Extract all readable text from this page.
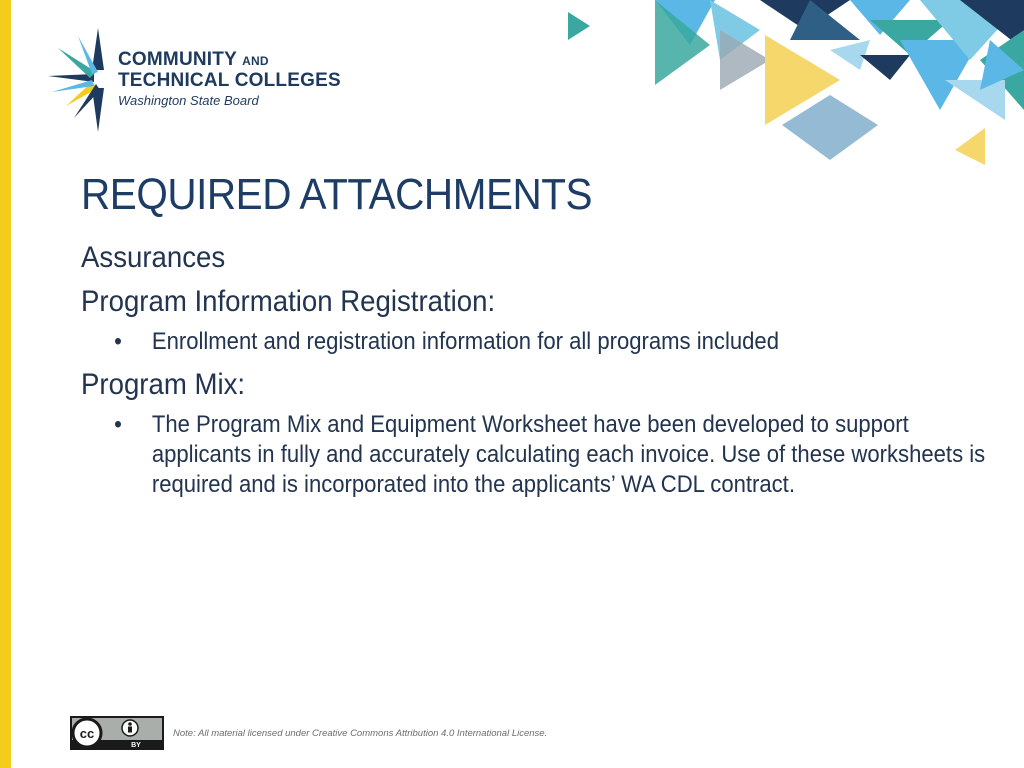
COMMUNITY AND
TECHNICAL COLLEGES
Washington State Board
REQUIRED ATTACHMENTS
Assurances
Program Information Registration:
• Enrollment and registration information for all programs included
Program Mix:
• The Program Mix and Equipment Worksheet have been developed to support applicants in fully and accurately calculating each invoice. Use of these worksheets is required and is incorporated into the applicants’ WA CDL contract.
cc
BY
Note: All material licensed under Creative Commons Attribution 4.0 International License.
